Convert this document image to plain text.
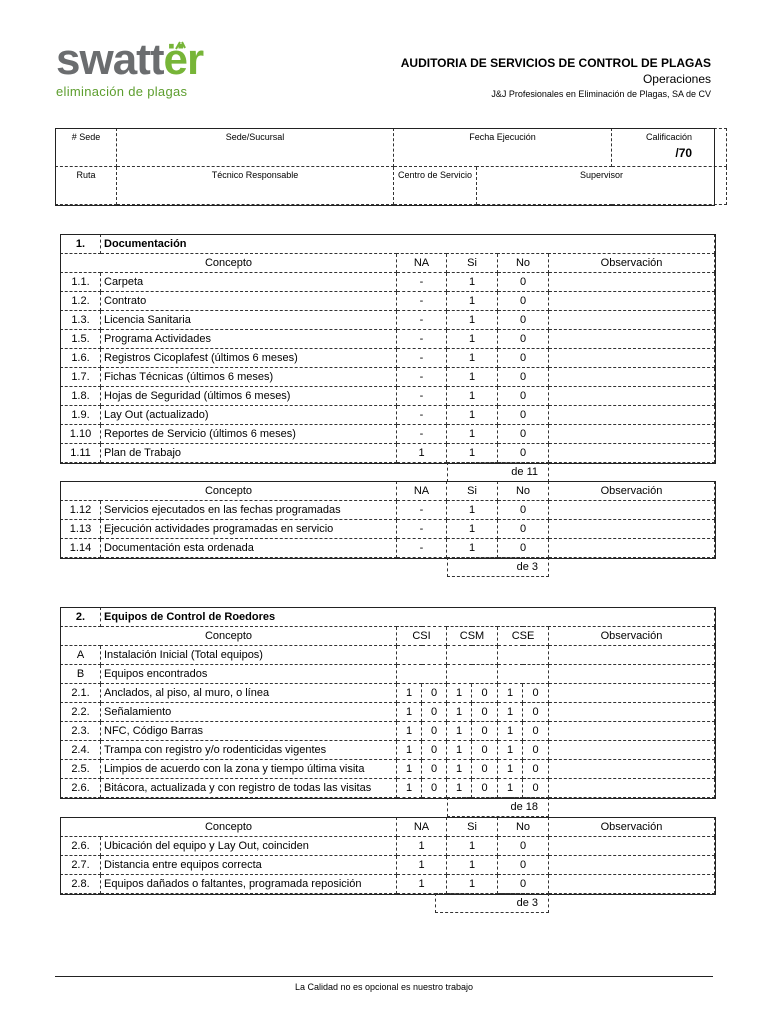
swattër
eliminación de plagas
AUDITORIA DE SERVICIOS DE CONTROL DE PLAGAS
Operaciones
J&J Profesionales en Eliminación de Plagas, SA de CV
# Sede	Sede/Sucursal	Fecha Ejecución		Calificación
/70

Ruta	Técnico Responsable	Centro de Servicio	Supervisor	
1.	Documentación				
Concepto		NA	Si	No	Observación
1.1.	Carpeta	-	1	0	
1.2.	Contrato	-	1	0	
1.3.	Licencia Sanitaria	-	1	0	
1.5.	Programa Actividades	-	1	0	
1.6.	Registros Cicoplafest (últimos 6 meses)	-	1	0	
1.7.	Fichas Técnicas (últimos 6 meses)	-	1	0	
1.8.	Hojas de Seguridad (últimos 6 meses)	-	1	0	
1.9.	Lay Out (actualizado)	-	1	0	
1.10	Reportes de Servicio (últimos 6 meses)	-	1	0	
1.11	Plan de Trabajo	1	1	0	
de 11
Concepto		NA	Si	No	Observación
1.12	Servicios ejecutados en las fechas programadas	-	1	0	
1.13	Ejecución actividades programadas en servicio	-	1	0	
1.14	Documentación esta ordenada	-	1	0	
de 3
2.	Equipos de Control de Roedores							
Concepto		CSI		CSM		CSE		Observación
A	Instalación Inicial (Total equipos)							
B	Equipos encontrados							
2.1.	Anclados, al piso, al muro, o línea	1	0	1	0	1	0	
2.2.	Señalamiento	1	0	1	0	1	0	
2.3.	NFC, Código Barras	1	0	1	0	1	0	
2.4.	Trampa con registro y/o rodenticidas vigentes	1	0	1	0	1	0	
2.5.	Limpios de acuerdo con la zona y tiempo última visita	1	0	1	0	1	0	
2.6.	Bitácora, actualizada y con registro de todas las visitas	1	0	1	0	1	0	
de 18
Concepto		NA	Si	No	Observación
2.6.	Ubicación del equipo y Lay Out, coinciden	1	1	0	
2.7.	Distancia entre equipos correcta	1	1	0	
2.8.	Equipos dañados o faltantes, programada reposición	1	1	0	
de 3
La Calidad no es opcional es nuestro trabajo
